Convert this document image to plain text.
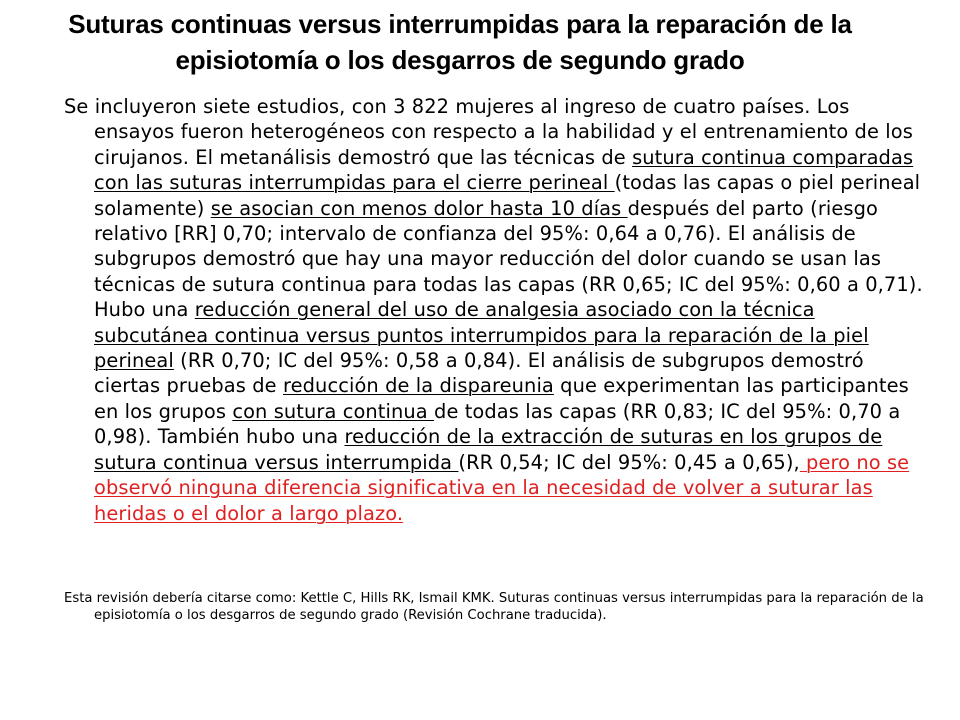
Suturas continuas versus interrumpidas para la reparación de la episiotomía o los desgarros de segundo grado

Se incluyeron siete estudios, con 3 822 mujeres al ingreso de cuatro países. Los ensayos fueron heterogéneos con respecto a la habilidad y el entrenamiento de los cirujanos. El metanálisis demostró que las técnicas de sutura continua comparadas con las suturas interrumpidas para el cierre perineal (todas las capas o piel perineal solamente) se asocian con menos dolor hasta 10 días después del parto (riesgo relativo [RR] 0,70; intervalo de confianza del 95%: 0,64 a 0,76). El análisis de subgrupos demostró que hay una mayor reducción del dolor cuando se usan las técnicas de sutura continua para todas las capas (RR 0,65; IC del 95%: 0,60 a 0,71). Hubo una reducción general del uso de analgesia asociado con la técnica subcutánea continua versus puntos interrumpidos para la reparación de la piel perineal (RR 0,70; IC del 95%: 0,58 a 0,84). El análisis de subgrupos demostró ciertas pruebas de reducción de la dispareunia que experimentan las participantes en los grupos con sutura continua de todas las capas (RR 0,83; IC del 95%: 0,70 a 0,98). También hubo una reducción de la extracción de suturas en los grupos de sutura continua versus interrumpida (RR 0,54; IC del 95%: 0,45 a 0,65), pero no se observó ninguna diferencia significativa en la necesidad de volver a suturar las heridas o el dolor a largo plazo.

Esta revisión debería citarse como: Kettle C, Hills RK, Ismail KMK. Suturas continuas versus interrumpidas para la reparación de la episiotomía o los desgarros de segundo grado (Revisión Cochrane traducida).
